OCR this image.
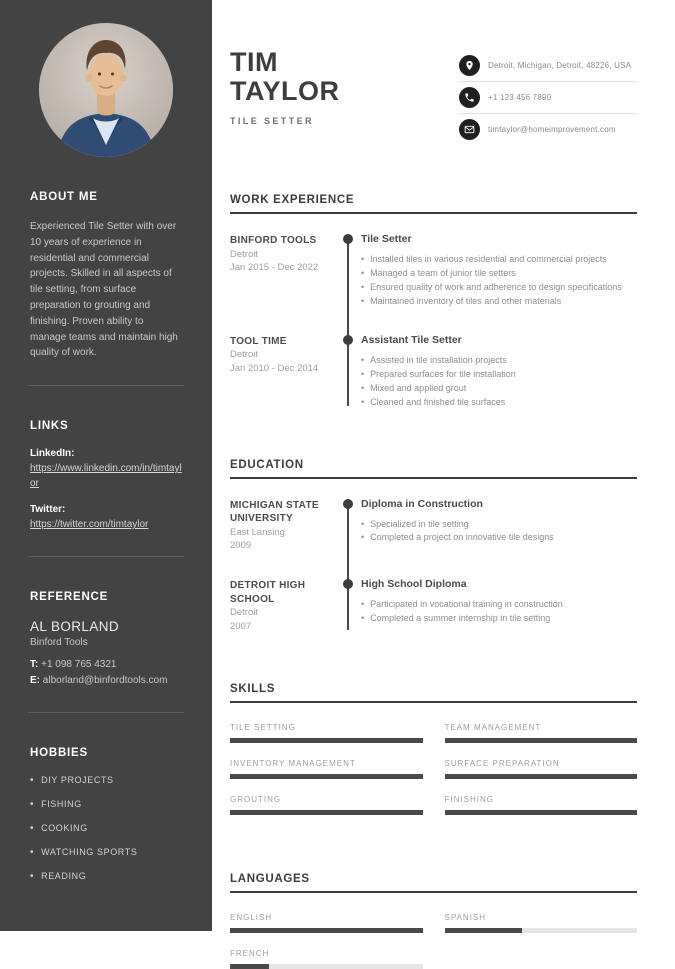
ABOUT ME

Experienced Tile Setter with over 10 years of experience in residential and commercial projects. Skilled in all aspects of tile setting, from surface preparation to grouting and finishing. Proven ability to manage teams and maintain high quality of work.

LINKS
LinkedIn:
https://www.linkedin.com/in/timtaylor
Twitter:
https://twitter.com/timtaylor
REFERENCE
AL BORLAND
Binford Tools
T: +1 098 765 4321
E: alborland@binfordtools.com
HOBBIES
• DIY PROJECTS
• FISHING
• COOKING
• WATCHING SPORTS
• READING
TIM
TAYLOR
TILE SETTER
Detroit, Michigan, Detroit, 48226, USA
+1 123 456 7890
timtaylor@homeimprovement.com
WORK EXPERIENCE
BINFORD TOOLS
Detroit
Jan 2015 - Dec 2022
Tile Setter
• Installed tiles in various residential and commercial projects
• Managed a team of junior tile setters
• Ensured quality of work and adherence to design specifications
• Maintained inventory of tiles and other materials
TOOL TIME
Detroit
Jan 2010 - Dec 2014
Assistant Tile Setter
• Assisted in tile installation projects
• Prepared surfaces for tile installation
• Mixed and applied grout
• Cleaned and finished tile surfaces
EDUCATION
MICHIGAN STATE UNIVERSITY
East Lansing
2009
Diploma in Construction
• Specialized in tile setting
• Completed a project on innovative tile designs
DETROIT HIGH SCHOOL
Detroit
2007
High School Diploma
• Participated in vocational training in construction
• Completed a summer internship in tile setting
SKILLS
TILE SETTING	TEAM MANAGEMENT
INVENTORY MANAGEMENT	SURFACE PREPARATION
GROUTING	FINISHING
LANGUAGES
ENGLISH	SPANISH
FRENCH
